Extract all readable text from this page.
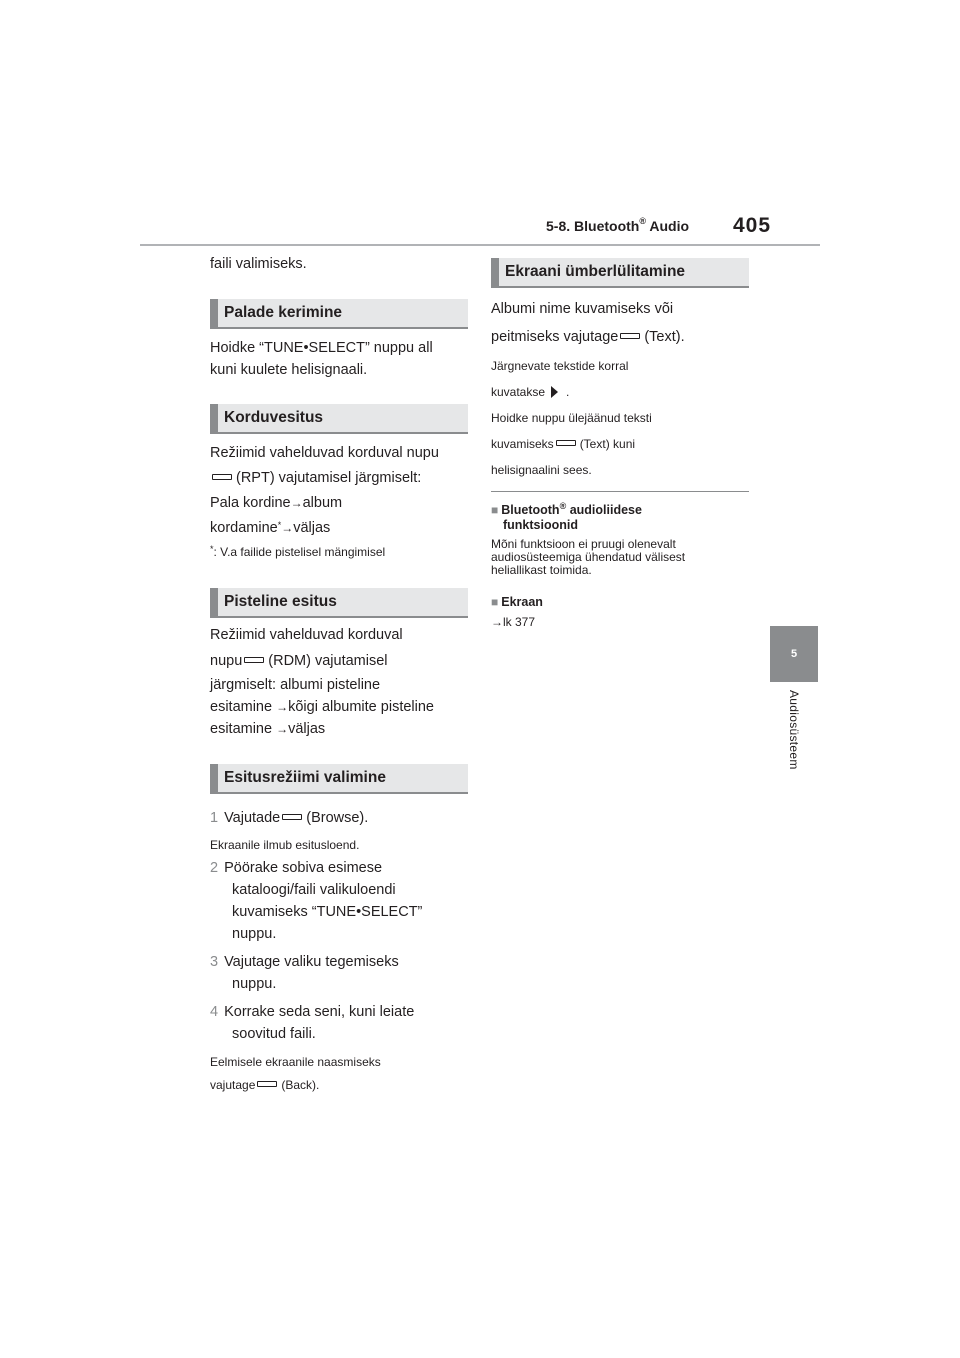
5-8. Bluetooth® Audio 405
5
Audiosüsteem
faili valimiseks.
Palade kerimine
Hoidke “TUNE•SELECT” nuppu all
kuni kuulete helisignaali.
Korduvesitus
Režiimid vahelduvad korduval nupu
(RPT) vajutamisel järgmiselt:
Pala kordine→album
kordamine*→väljas
*: V.a failide pistelisel mängimisel
Pisteline esitus
Režiimid vahelduvad korduval
nupu (RDM) vajutamisel
järgmiselt: albumi pisteline
esitamine →kõigi albumite pisteline
esitamine →väljas
Esitusrežiimi valimine
1 Vajutade (Browse).
Ekraanile ilmub esitusloend.
2 Pöörake sobiva esimese
kataloogi/faili valikuloendi
kuvamiseks “TUNE•SELECT”
nuppu.
3 Vajutage valiku tegemiseks
nuppu.
4 Korrake seda seni, kuni leiate
soovitud faili.
Eelmisele ekraanile naasmiseks
vajutage (Back).
Ekraani ümberlülitamine
Albumi nime kuvamiseks või
peitmiseks vajutage (Text).
Järgnevate tekstide korral
kuvatakse .
Hoidke nuppu ülejäänud teksti
kuvamiseks (Text) kuni
helisignaalini sees.
■ Bluetooth® audioliidese
funktsioonid
Mõni funktsioon ei pruugi olenevalt
audiosüsteemiga ühendatud välisest
heliallikast toimida.
■ Ekraan
→lk 377
